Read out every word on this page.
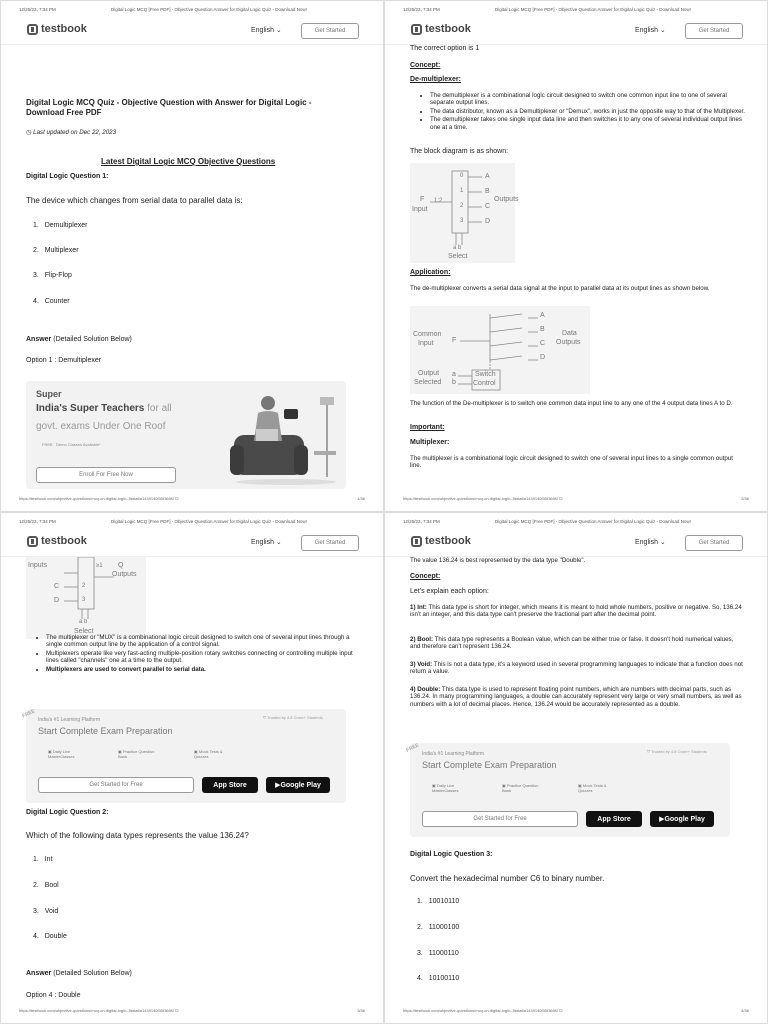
12/25/23, 7:34 PM	Digital Logic MCQ [Free PDF] - Objective Question Answer for Digital Logic Quiz - Download Now!
testbook	English ⌄	Get Started
Digital Logic MCQ Quiz - Objective Question with Answer for Digital Logic - Download Free PDF
◷ Last updated on Dec 22, 2023
Latest Digital Logic MCQ Objective Questions
Digital Logic Question 1:
The device which changes from serial data to parallel data is:
1.   Demultiplexer
2.   Multiplexer
3.   Flip-Flop
4.   Counter
Answer (Detailed Solution Below)
Option 1 : Demultiplexer
Super
India's Super Teachers for all
govt. exams Under One Roof
FREE Demo Classes Available*
Enroll For Free Now
https://testbook.com/objective-questions/mcq-on-digital-logic--5eea6a1439140f30f369f272	1/36
12/25/23, 7:34 PM	Digital Logic MCQ [Free PDF] - Objective Question Answer for Digital Logic Quiz - Download Now!
testbook	English ⌄	Get Started
The correct option is 1
Concept:
De-multiplexer:
• The demultiplexer is a combinational logic circuit designed to switch one common input line to one of several separate output lines.
• The data distributor, known as a Demultiplexer or "Demux", works in just the opposite way to that of the Multiplexer.
• The demultiplexer takes one single input data line and then switches it to any one of several individual output lines one at a time.
The block diagram is as shown:
F
Input
1:2
0
1
2
3
A
B
C
D
Outputs
a b
Select
Application:
The de-multiplexer converts a serial data signal at the input to parallel data at its output lines as shown below.
Common
Input	F
A
B
C
D
Data
Outputs
Output
Selected
a
b
Switch
Control
The function of the De-multiplexer is to switch one common data input line to any one of the 4 output data lines A to D.
Important:
Multiplexer:
The multiplexer is a combinational logic circuit designed to switch one of several input lines to a single common output line.
https://testbook.com/objective-questions/mcq-on-digital-logic--5eea6a1439140f30f369f272	2/36
12/25/23, 7:34 PM	Digital Logic MCQ [Free PDF] - Objective Question Answer for Digital Logic Quiz - Download Now!
testbook	English ⌄	Get Started
Inputs
C
D
2
3
≥1 Q
Outputs
a b
Select
• The multiplexer or "MUX" is a combinational logic circuit designed to switch one of several input lines through a single common output line by the application of a control signal.
• Multiplexers operate like very fast-acting multiple-position rotary switches connecting or controlling multiple input lines called "channels" one at a time to the output.
• Multiplexers are used to convert parallel to serial data.
FREE
India's #1 Learning Platform
Start Complete Exam Preparation
⛉ Trusted by 4.8 Crore+ Students
▣ Daily Live MasterClasses
▣ Practice Question Bank
▣ Mock Tests & Quizzes
Get Started for Free	App Store	▶ Google Play
Digital Logic Question 2:
Which of the following data types represents the value 136.24?
1.   Int
2.   Bool
3.   Void
4.   Double
Answer (Detailed Solution Below)
Option 4 : Double
https://testbook.com/objective-questions/mcq-on-digital-logic--5eea6a1439140f30f369f272	3/36
12/25/23, 7:34 PM	Digital Logic MCQ [Free PDF] - Objective Question Answer for Digital Logic Quiz - Download Now!
testbook	English ⌄	Get Started
The value 136.24 is best represented by the data type "Double".
Concept:
Let's explain each option:
1) Int: This data type is short for integer, which means it is meant to hold whole numbers, positive or negative. So, 136.24 isn't an integer, and this data type can't preserve the fractional part after the decimal point.
2) Bool: This data type represents a Boolean value, which can be either true or false. It doesn't hold numerical values, and therefore can't represent 136.24.
3) Void: This is not a data type, it's a keyword used in several programming languages to indicate that a function does not return a value.
4) Double: This data type is used to represent floating point numbers, which are numbers with decimal parts, such as 136.24. In many programming languages, a double can accurately represent very large or very small numbers, as well as numbers with a lot of decimal places. Hence, 136.24 would be accurately represented as a double.
FREE
India's #1 Learning Platform
Start Complete Exam Preparation
⛉ Trusted by 4.8 Crore+ Students
▣ Daily Live MasterClasses
▣ Practice Question Bank
▣ Mock Tests & Quizzes
Get Started for Free	App Store	▶ Google Play
Digital Logic Question 3:
Convert the hexadecimal number C6 to binary number.
1.   10010110
2.   11000100
3.   11000110
4.   10100110
https://testbook.com/objective-questions/mcq-on-digital-logic--5eea6a1439140f30f369f272	4/36
